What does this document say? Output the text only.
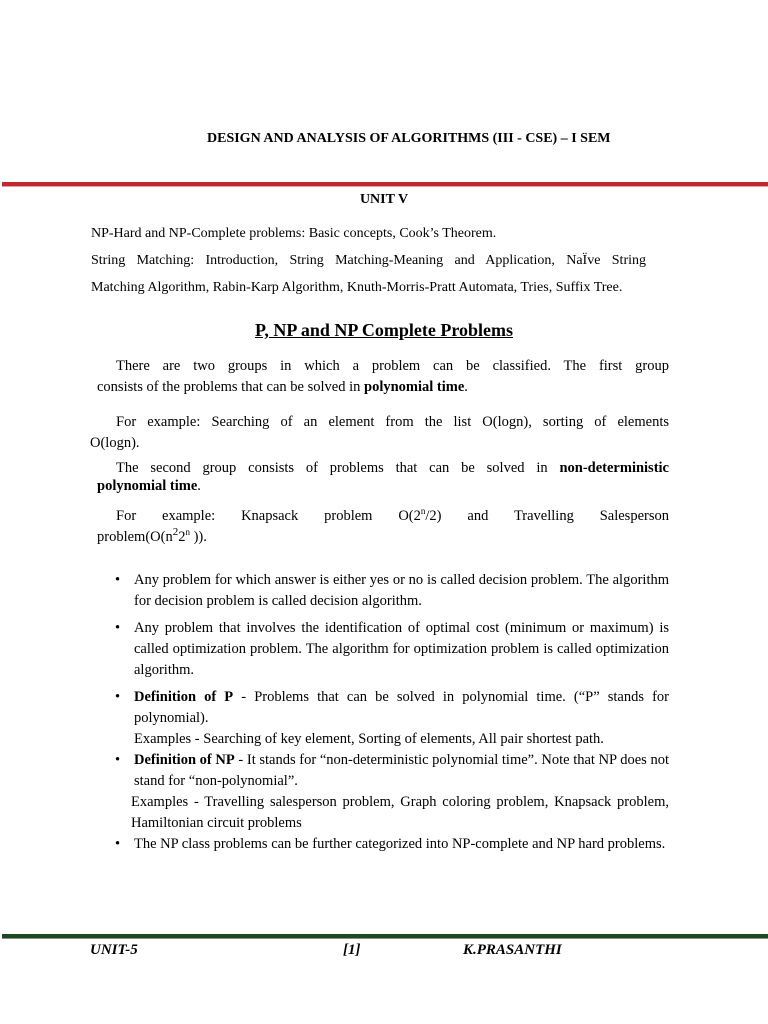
DESIGN AND ANALYSIS OF ALGORITHMS (III - CSE) – I SEM
UNIT V
NP-Hard and NP-Complete problems: Basic concepts, Cook’s Theorem.
String Matching: Introduction, String Matching-Meaning and Application, NaÏve String
Matching Algorithm, Rabin-Karp Algorithm, Knuth-Morris-Pratt Automata, Tries, Suffix Tree.
P, NP and NP Complete Problems

There are two groups in which a problem can be classified. The first group

consists of the problems that can be solved in polynomial time.

For example: Searching of an element from the list O(logn), sorting of elements

O(logn).

The second group consists of problems that can be solved in non-deterministic

polynomial time.

For example: Knapsack problem O(2$^n$/2) and Travelling Salesperson

$problem(O(n^22^n$ )).

• Any problem for which answer is either yes or no is called decision problem. The algorithm for decision problem is called decision algorithm.
• Any problem that involves the identification of optimal cost (minimum or maximum) is called optimization problem. The algorithm for optimization problem is called optimization algorithm.
• Definition of P - Problems that can be solved in polynomial time. (“P” stands for polynomial).
Examples - Searching of key element, Sorting of elements, All pair shortest path.
• Definition of NP - It stands for “non-deterministic polynomial time”. Note that NP does not stand for “non-polynomial”.
Examples - Travelling salesperson problem, Graph coloring problem, Knapsack problem, Hamiltonian circuit problems
• The NP class problems can be further categorized into NP-complete and NP hard problems.
UNIT-5	[1]	K.PRASANTHI
